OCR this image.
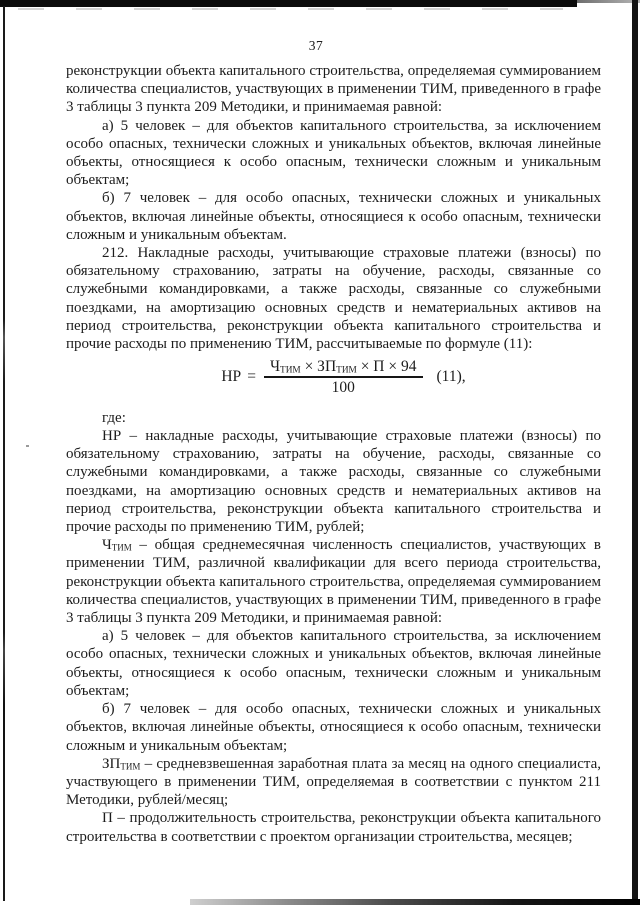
37

реконструкции объекта капитального строительства, определяемая суммированием количества специалистов, участвующих в применении ТИМ, приведенного в графе 3 таблицы 3 пункта 209 Методики, и принимаемая равной:

а) 5 человек – для объектов капитального строительства, за исключением особо опасных, технически сложных и уникальных объектов, включая линейные объекты, относящиеся к особо опасным, технически сложным и уникальным объектам;

б) 7 человек – для особо опасных, технически сложных и уникальных объектов, включая линейные объекты, относящиеся к особо опасным, технически сложным и уникальным объектам.

212. Накладные расходы, учитывающие страховые платежи (взносы) по обязательному страхованию, затраты на обучение, расходы, связанные со служебными командировками, а также расходы, связанные со служебными поездками, на амортизацию основных средств и нематериальных активов на период строительства, реконструкции объекта капитального строительства и прочие расходы по применению ТИМ, рассчитываемые по формуле (11):

НР = $\frac{Ч_{ТИМ} \times ЗП_{ТИМ} \times П \times 94}{100} (11)$,

где:

НР – накладные расходы, учитывающие страховые платежи (взносы) по обязательному страхованию, затраты на обучение, расходы, связанные со служебными командировками, а также расходы, связанные со служебными поездками, на амортизацию основных средств и нематериальных активов на период строительства, реконструкции объекта капитального строительства и прочие расходы по применению ТИМ, рублей;

$Ч_{ТИМ}$ – общая среднемесячная численность специалистов, участвующих в применении ТИМ, различной квалификации для всего периода строительства, реконструкции объекта капитального строительства, определяемая суммированием количества специалистов, участвующих в применении ТИМ, приведенного в графе 3 таблицы 3 пункта 209 Методики, и принимаемая равной:

а) 5 человек – для объектов капитального строительства, за исключением особо опасных, технически сложных и уникальных объектов, включая линейные объекты, относящиеся к особо опасным, технически сложным и уникальным объектам;

б) 7 человек – для особо опасных, технически сложных и уникальных объектов, включая линейные объекты, относящиеся к особо опасным, технически сложным и уникальным объектам;

$ЗП_{ТИМ}$ – средневзвешенная заработная плата за месяц на одного специалиста, участвующего в применении ТИМ, определяемая в соответствии с пунктом 211 Методики, рублей/месяц;

П – продолжительность строительства, реконструкции объекта капитального строительства в соответствии с проектом организации строительства, месяцев;
